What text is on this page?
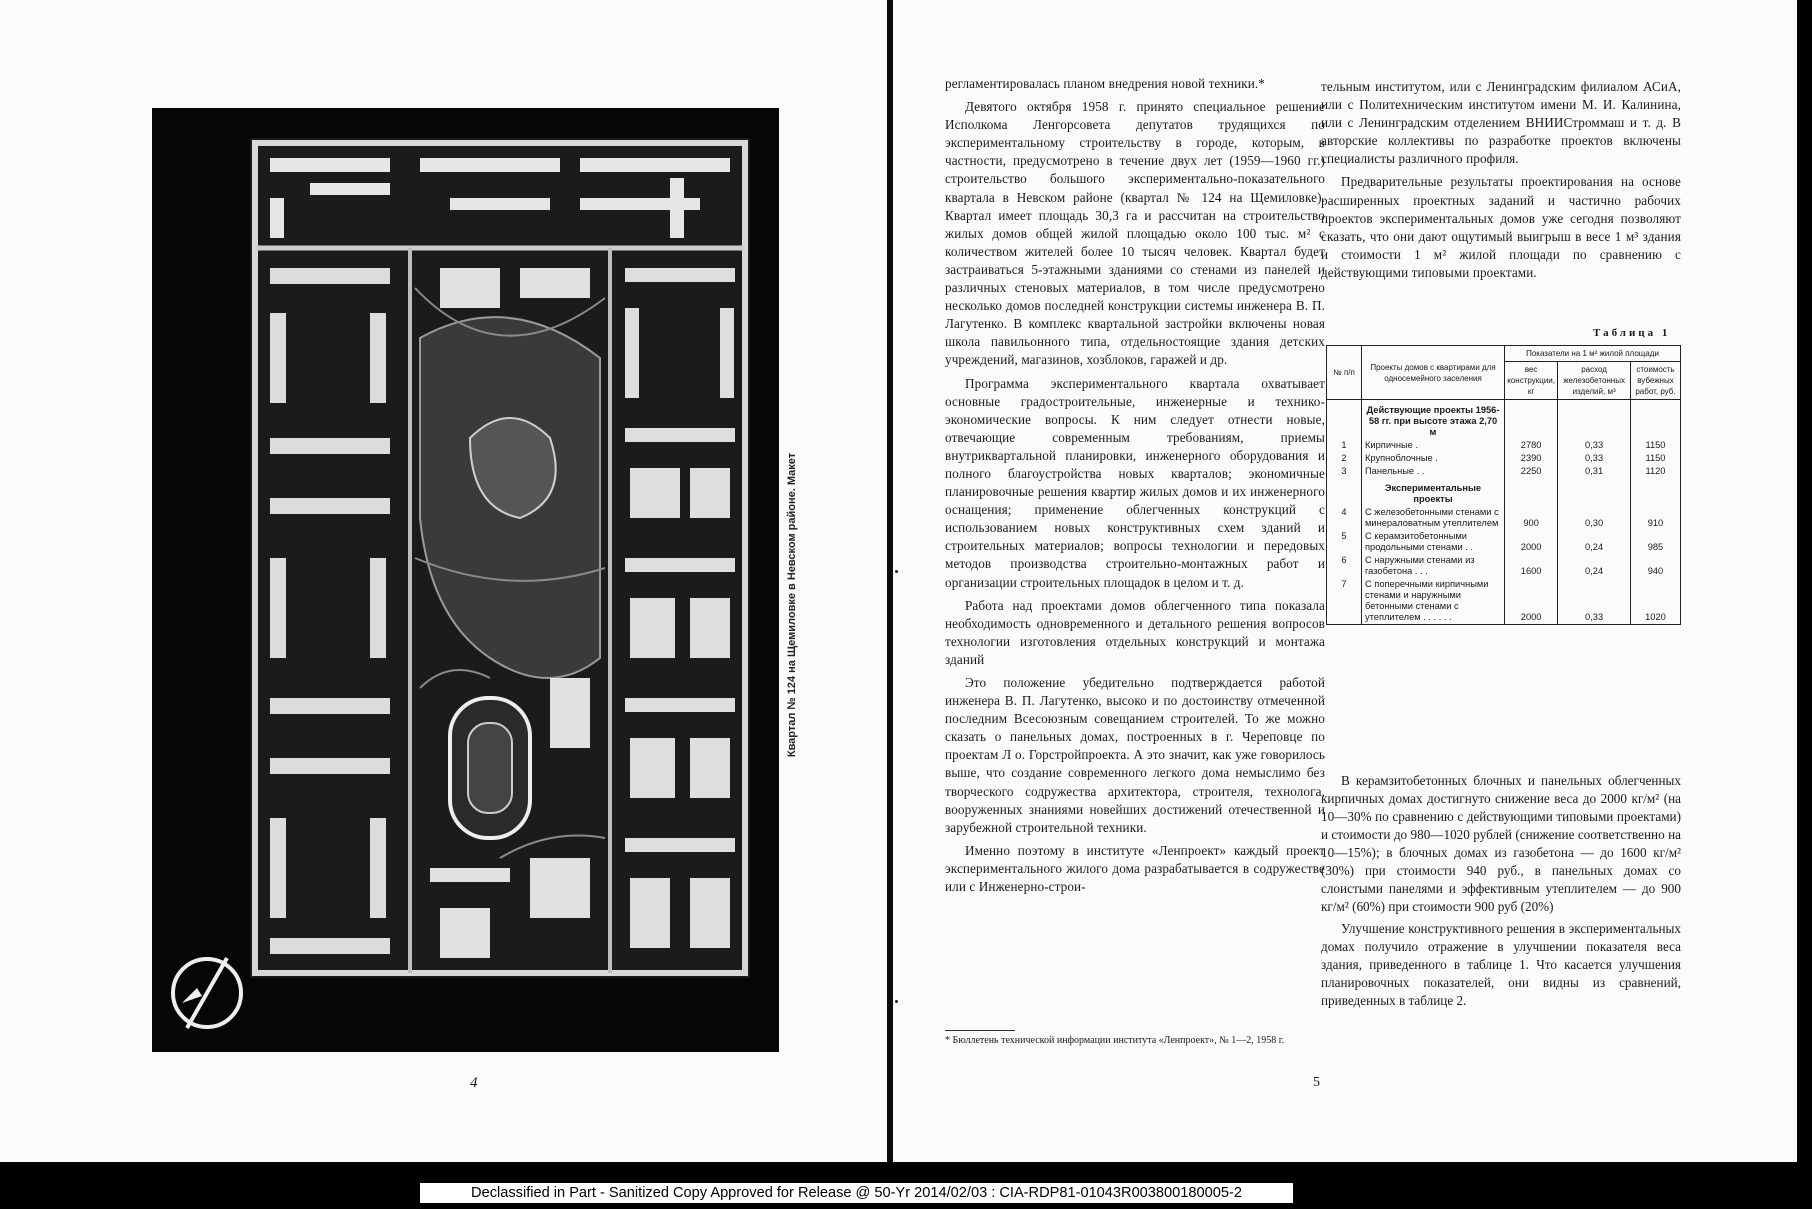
Квартал № 124 на Щемиловке в Невском районе. Макет
4

регламентировалась планом внедрения новой техники.*

Девятого октября 1958 г. принято специальное решение Исполкома Ленгорсовета депутатов трудящихся по экспериментальному строительству в городе, которым, в частности, предусмотрено в течение двух лет (1959—1960 гг.) строительство большого экспериментально-показательного квартала в Невском районе (квартал № 124 на Щемиловке). Квартал имеет площадь 30,3 га и рассчитан на строительство жилых домов общей жилой площадью около 100 тыс. м² с количеством жителей более 10 тысяч человек. Квартал будет застраиваться 5-этажными зданиями со стенами из панелей и различных стеновых материалов, в том числе предусмотрено несколько домов последней конструкции системы инженера В. П. Лагутенко. В комплекс квартальной застройки включены новая школа павильонного типа, отдельностоящие здания детских учреждений, магазинов, хозблоков, гаражей и др.

Программа экспериментального квартала охватывает основные градостроительные, инженерные и технико-экономические вопросы. К ним следует отнести новые, отвечающие современным требованиям, приемы внутриквартальной планировки, инженерного оборудования и полного благоустройства новых кварталов; экономичные планировочные решения квартир жилых домов и их инженерного оснащения; применение облегченных конструкций с использованием новых конструктивных схем зданий и строительных материалов; вопросы технологии и передовых методов производства строительно-монтажных работ и организации строительных площадок в целом и т. д.

Работа над проектами домов облегченного типа показала необходимость одновременного и детального решения вопросов технологии изготовления отдельных конструкций и монтажа зданий

Это положение убедительно подтверждается работой инженера В. П. Лагутенко, высоко и по достоинству отмеченной последним Всесоюзным совещанием строителей. То же можно сказать о панельных домах, построенных в г. Череповце по проектам Л о. Горстройпроекта. А это значит, как уже говорилось выше, что создание современного легкого дома немыслимо без творческого содружества архитектора, строителя, технолога, вооруженных знаниями новейших достижений отечественной и зарубежной строительной техники.

Именно поэтому в институте «Ленпроект» каждый проект экспериментального жилого дома разрабатывается в содружестве или с Инженерно-строи-

* Бюллетень технической информации института «Ленпроект», № 1—2, 1958 г.

тельным институтом, или с Ленинградским филиалом АСиА, или с Политехническим институтом имени М. И. Калинина, или с Ленинградским отделением ВНИИСтроммаш и т. д. В авторские коллективы по разработке проектов включены специалисты различного профиля.

Предварительные результаты проектирования на основе расширенных проектных заданий и частично рабочих проектов экспериментальных домов уже сегодня позволяют сказать, что они дают ощутимый выигрыш в весе 1 м³ здания и стоимости 1 м² жилой площади по сравнению с действующими типовыми проектами.

Таблица 1
№ п/п	Проекты домов с квартирами для односемейного заселения	Показатели на 1 м² жилой площади		
		вес конструкции, кг	расход железобетонных изделий, м³	стоимость вубежных работ, руб.
	Действующие проекты 1956-58 гг. при высоте этажа 2,70 м			
1	Кирпичные .	2780	0,33	1150
2	Крупноблочные .	2390	0,33	1150
3	Панельные . .	2250	0,31	1120
	Экспериментальные проекты			
4	С железобетонными стенами с минераловатным утеплителем	900	0,30	910
5	С керамзитобетонными продольными стенами . .	2000	0,24	985
6	С наружными стенами из газобетона . . .	1600	0,24	940
7	С поперечными кирпичными стенами и наружными бетонными стенами с утеплителем . . . . . .	2000	0,33	1020

В керамзитобетонных блочных и панельных облегченных кирпичных домах достигнуто снижение веса до 2000 кг/м² (на 10—30% по сравнению с действующими типовыми проектами) и стоимости до 980—1020 рублей (снижение соответственно на 10—15%); в блочных домах из газобетона — до 1600 кг/м² (30%) при стоимости 940 руб., в панельных домах со слоистыми панелями и эффективным утеплителем — до 900 кг/м² (60%) при стоимости 900 руб (20%)

Улучшение конструктивного решения в экспериментальных домах получило отражение в улучшении показателя веса здания, приведенного в таблице 1. Что касается улучшения планировочных показателей, они видны из сравнений, приведенных в таблице 2.

5
Declassified in Part - Sanitized Copy Approved for Release @ 50-Yr 2014/02/03 : CIA-RDP81-01043R003800180005-2
